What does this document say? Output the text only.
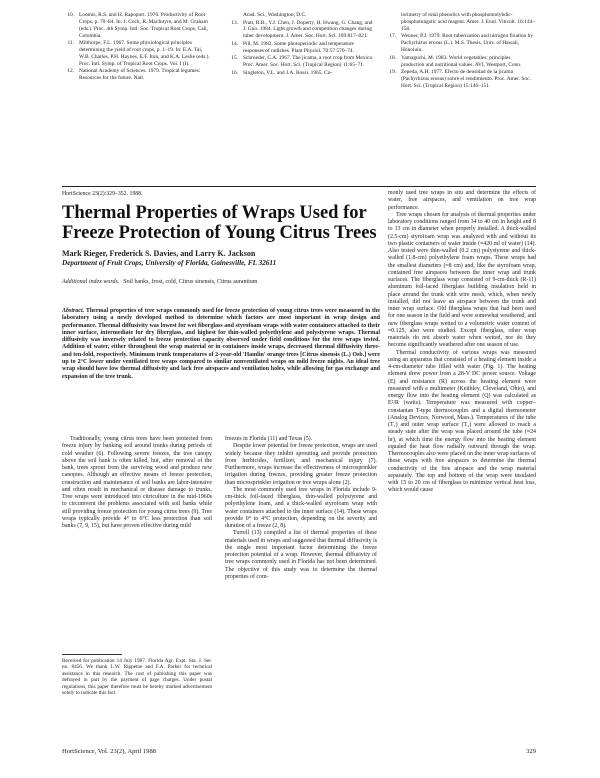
10. Loomis, R.S. and H. Rapoport. 1976. Productivity of Root Crops, p. 70–84. In: J. Cock, R. MacIntyre, and M. Graham (eds.). Proc. 4th Symp. Intl. Soc. Tropical Root Crops, Cali, Colombia.
11. Milthorpe, F.L. 1967. Some physiological principles determining the yield of root crops, p. 1–19. In: E.A. Tai, W.B. Charles, P.H. Haynes, E.F. Iton, and K.A. Leslie (eds.). Proc. Intl. Symp. of Tropical Root Crops. Vol. I (I).
12. National Academy of Sciences. 1979. Tropical legumes: Resources for the future. Natl.
Acad. Sci., Washington, D.C.
13. Pratt, R.B., Y.J. Chen, J. Doperty, H. Hwang, G. Chang, and J. Guo. 1984. Light growth and competition changes during tuber development. J. Amer. Soc. Hort. Sci. 109:817–821.
14. Pill, M. 1982. Some photoperiodic and temperature responses of radishes. Plant Physiol. 70:57 570–74.
15. Schroeder, C.A. 1967. The jicama, a root crop from Mexico. Proc. Amer. Soc. Hort. Sci. (Tropical Region) 11:65–71.
16. Singleton, V.L. and J.A. Rossi. 1965. Co-
lorimetry of total phenolics with phosphomolybdic-phosphotungstic acid reagent. Amer. J. Enol. Viticult. 16:144–158.
17. Wenner, P.J. 1979. Root tuberization and nitrogen fixation by Pachyrhizus erosus (L.). M.S. Thesis, Univ. of Hawaii, Honolulu.
18. Yamaguchi, M. 1983. World vegetables: principles, production and nutritional values. AVI, Westport, Conn.
19. Zepeda, A.H. 1977. Efecto de densidad de la jícama (Pachyrhizus erosus) sobre el rendimiento. Proc. Amer. Soc. Hort. Sci. (Tropical Region) 15:146–151.
HortScience 23(2):329–352. 1988.
Thermal Properties of Wraps Used for Freeze Protection of Young Citrus Trees
Mark Rieger, Frederick S. Davies, and Larry K. Jackson
Department of Fruit Crops, University of Florida, Gainesville, FL 32611
Additional index words. Soil banks, frost, cold, Citrus sinensis, Citrus aurantium
Abstract. Thermal properties of tree wraps commonly used for freeze protection of young citrus trees were measured in the laboratory using a newly developed method to determine which factors are most important in wrap design and performance. Thermal diffusivity was lowest for wet fiberglass and styrofoam wraps with water containers attached to their inner surface, intermediate for dry fiberglass, and highest for thin-walled polyethylene and polystyrene wraps. Thermal diffusivity was inversely related to freeze protection capacity observed under field conditions for the tree wraps tested. Addition of water, either throughout the wrap material or in containers inside wraps, decreased thermal diffusivity three- and ten-fold, respectively. Minimum trunk temperatures of 2-year-old 'Hamlin' orange trees [Citrus sinensis (L.) Osb.] were up to 2°C lower under ventilated tree wraps compared to similar nonventilated wraps on mild freeze nights. An ideal tree wrap should have low thermal diffusivity and lack free airspaces and ventilation holes, while allowing for gas exchange and expansion of the tree trunk.

monly used tree wraps in situ and determine the effects of water, free airspaces, and ventilation on tree wrap performance.

Tree wraps chosen for analysis of thermal properties under laboratory conditions ranged from 34 to 40 cm in height and 8 to 13 cm in diameter when properly installed. A thick-walled (2.5-cm) styrofoam wrap was analyzed with and without its two plastic containers of water inside (≈420 ml of water) (14). Also tested were thin-walled (0.2 cm) polystyrene and thick-walled (1.8-cm) polyethylene foam wraps. These wraps had the smallest diameters (≈8 cm) and, like the styrofoam wrap, contained free airspaces between the inner wrap and trunk surfaces. The fiberglass wrap consisted of 9-cm-thick (R-11) aluminum foil-faced fiberglass building insulation held in place around the trunk with wire mesh, which, when newly installed, did not leave an airspace between the trunk and inner wrap surface. Old fiberglass wraps that had been used for one season in the field and were somewhat weathered, and new fiberglass wraps wetted to a volumetric water content of ≈0.125, also were studied. Except fiberglass, other wrap materials do not absorb water when wetted, nor do they become significantly weathered after one season of use.

Thermal conductivity of various wraps was measured using an apparatus that consisted of a heating element inside a 4-cm-diameter tube filled with water (Fig. 1). The heating element drew power from a 28-V DC power source. Voltage (E) and resistance (R) across the heating element were measured with a multimeter (Keithley, Cleveland, Ohio), and energy flow into the heating element (Q) was calculated as E²/R (watts). Temperature was measured with copper–constantan T-type thermocouples and a digital thermometer (Analog Devices, Norwood, Mass.). Temperatures of the tube (T₁) and outer wrap surface (T₂) were allowed to reach a steady state after the wrap was placed around the tube (≈24 hr), at which time the energy flow into the heating element equaled the heat flow radially outward through the wrap. Thermocouples also were placed on the inner wrap surfaces of those wraps with free airspaces to determine the thermal conductivity of the free airspace and the wrap material separately. The top and bottom of the wrap were insulated with 15 to 20 cm of fiberglass to minimize vertical heat loss, which would cause

Traditionally, young citrus trees have been protected from freeze injury by banking soil around trunks during periods of cold weather (6). Following severe freezes, the tree canopy above the soil bank is often killed, but, after removal of the bank, trees sprout from the surviving wood and produce new canopies. Although an effective means of freeze protection, construction and maintenance of soil banks are labor-intensive and often result in mechanical or disease damage to trunks. Tree wraps were introduced into citriculture in the mid-1960s to circumvent the problems associated with soil banks while still providing freeze protection for young citrus trees (9). Tree wraps typically provide 4° to 6°C less protection than soil banks (7, 9, 15), but have proven effective during mild

freezes in Florida (11) and Texas (5).

Despite lower potential for freeze protection, wraps are used widely because they inhibit sprouting and provide protection from herbicides, fertilizer, and mechanical injury (7). Furthermore, wraps increase the effectiveness of microsprinkler irrigation during freezes, providing greater freeze protection than microsprinkler irrigation or tree wraps alone (2).

The most commonly used tree wraps in Florida include 9-cm-thick foil-faced fiberglass, thin-walled polystyrene and polyethylene foam, and a thick-walled styrofoam wrap with water containers attached to the inner surface (14). These wraps provide 0° to 4°C protection, depending on the severity and duration of a freeze (2, 8).

Turrell (13) compiled a list of thermal properties of these materials used in wraps and suggested that thermal diffusivity is the single most important factor determining the freeze protection potential of a wrap. However, thermal diffusivity of tree wraps commonly used in Florida has not been determined. The objective of this study was to determine the thermal properties of com-

Received for publication 14 July 1987. Florida Agr. Expt. Sta. J. Ser. no. 8456. We thank L.W. Rippetoe and F.A. Parker for technical assistance in this research. The cost of publishing this paper was defrayed in part by the payment of page charges. Under postal regulations, this paper therefore must be hereby marked advertisement solely to indicate this fact.
HortScience, Vol. 23(2), April 1988	329
